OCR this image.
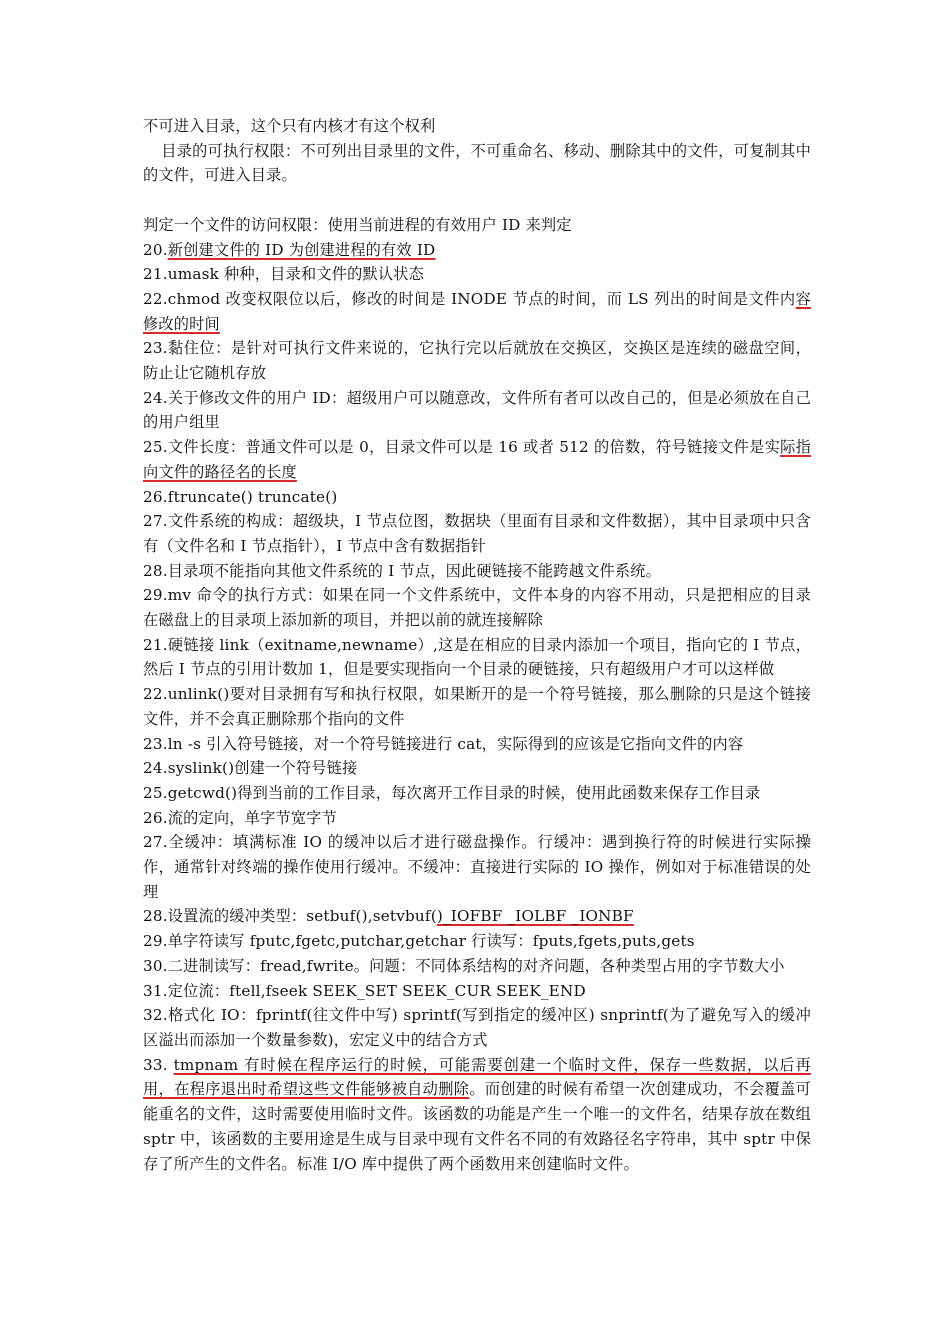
不可进入目录，这个只有内核才有这个权利

目录的可执行权限：不可列出目录里的文件，不可重命名、移动、删除其中的文件，可复制其中的文件，可进入目录。

判定一个文件的访问权限：使用当前进程的有效用户 ID 来判定

20.新创建文件的 ID 为创建进程的有效 ID

21.umask 种种，目录和文件的默认状态

22.chmod 改变权限位以后，修改的时间是 INODE 节点的时间，而 LS 列出的时间是文件内容修改的时间

23.黏住位：是针对可执行文件来说的，它执行完以后就放在交换区，交换区是连续的磁盘空间，防止让它随机存放

24.关于修改文件的用户 ID：超级用户可以随意改，文件所有者可以改自己的，但是必须放在自己的用户组里

25.文件长度：普通文件可以是 0，目录文件可以是 16 或者 512 的倍数，符号链接文件是实际指向文件的路径名的长度

26.ftruncate() truncate()

27.文件系统的构成：超级块，I 节点位图，数据块（里面有目录和文件数据），其中目录项中只含有（文件名和 I 节点指针），I 节点中含有数据指针

28.目录项不能指向其他文件系统的 I 节点，因此硬链接不能跨越文件系统。

29.mv 命令的执行方式：如果在同一个文件系统中，文件本身的内容不用动，只是把相应的目录在磁盘上的目录项上添加新的项目，并把以前的就连接解除

21.硬链接 link（exitname,newname）,这是在相应的目录内添加一个项目，指向它的 I 节点，然后 I 节点的引用计数加 1，但是要实现指向一个目录的硬链接，只有超级用户才可以这样做

22.unlink()要对目录拥有写和执行权限，如果断开的是一个符号链接，那么删除的只是这个链接文件，并不会真正删除那个指向的文件

23.ln -s 引入符号链接，对一个符号链接进行 cat，实际得到的应该是它指向文件的内容

24.syslink()创建一个符号链接

25.getcwd()得到当前的工作目录，每次离开工作目录的时候，使用此函数来保存工作目录

26.流的定向，单字节宽字节

27.全缓冲：填满标准 IO 的缓冲以后才进行磁盘操作。行缓冲：遇到换行符的时候进行实际操作，通常针对终端的操作使用行缓冲。不缓冲：直接进行实际的 IO 操作，例如对于标准错误的处理

28.设置流的缓冲类型：setbuf(),setvbuf()_IOFBF _IOLBF _IONBF

29.单字符读写 fputc,fgetc,putchar,getchar 行读写：fputs,fgets,puts,gets

30.二进制读写：fread,fwrite。问题：不同体系结构的对齐问题，各种类型占用的字节数大小

31.定位流：ftell,fseek SEEK_SET SEEK_CUR SEEK_END

32.格式化 IO：fprintf(往文件中写) sprintf(写到指定的缓冲区) snprintf(为了避免写入的缓冲区溢出而添加一个数量参数)，宏定义中的结合方式

33. tmpnam 有时候在程序运行的时候，可能需要创建一个临时文件，保存一些数据，以后再用，在程序退出时希望这些文件能够被自动删除。而创建的时候有希望一次创建成功，不会覆盖可能重名的文件，这时需要使用临时文件。该函数的功能是产生一个唯一的文件名，结果存放在数组 sptr 中，该函数的主要用途是生成与目录中现有文件名不同的有效路径名字符串，其中 sptr 中保存了所产生的文件名。标准 I/O 库中提供了两个函数用来创建临时文件。
